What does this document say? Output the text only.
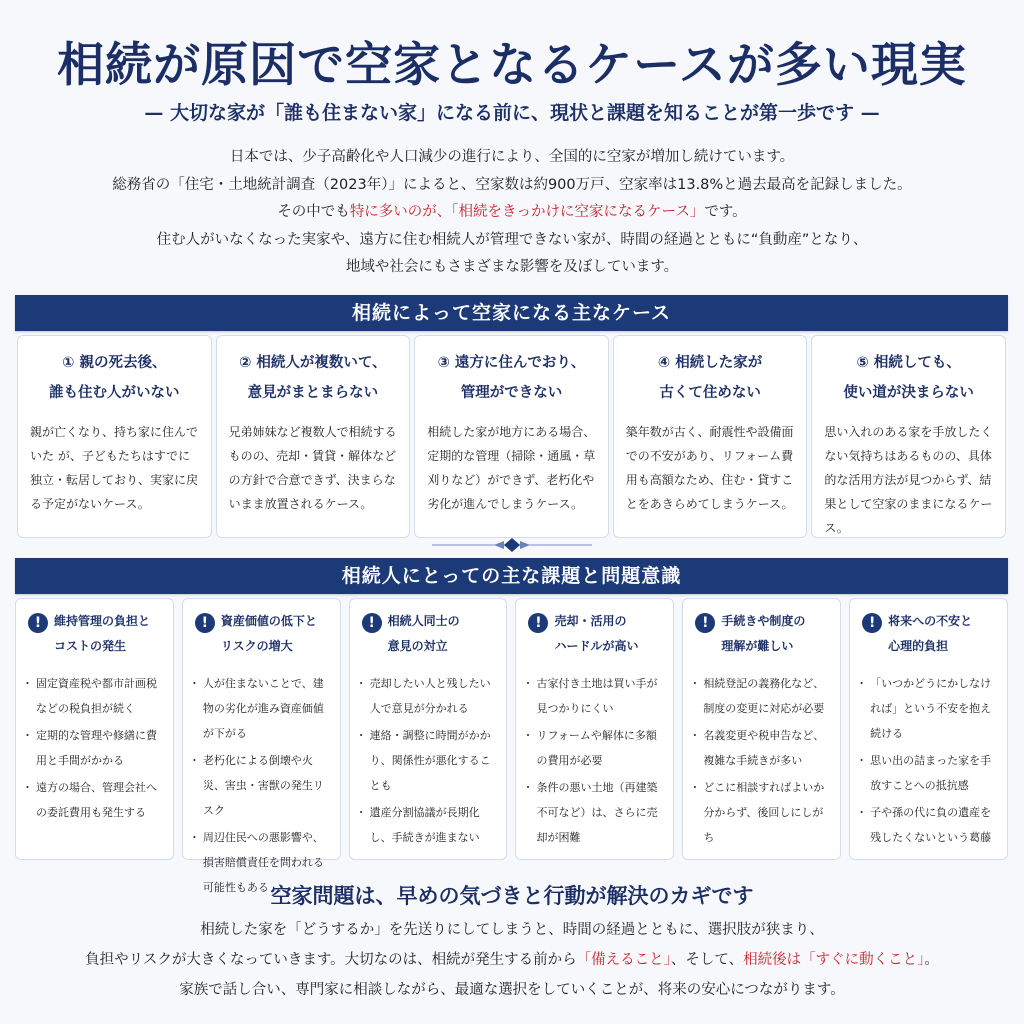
相続が原因で空家となるケースが多い現実
— 大切な家が「誰も住まない家」になる前に、現状と課題を知ることが第一歩です —

日本では、少子高齢化や人口減少の進行により、全国的に空家が増加し続けています。

総務省の「住宅・土地統計調査（2023年）」によると、空家数は約900万戸、空家率は13.8%と過去最高を記録しました。

その中でも特に多いのが、「相続をきっかけに空家になるケース」です。

住む人がいなくなった実家や、遠方に住む相続人が管理できない家が、時間の経過とともに“負動産”となり、

地域や社会にもさまざまな影響を及ぼしています。

相続によって空家になる主なケース
① 親の死去後、
誰も住む人がいない
親が亡くなり、持ち家に住んでいた が、子どもたちはすでに独立・転居しており、実家に戻る予定がないケース。
② 相続人が複数いて、
意見がまとまらない
兄弟姉妹など複数人で相続するものの、売却・賃貸・解体などの方針で合意できず、決まらないまま放置されるケース。
③ 遠方に住んでおり、
管理ができない
相続した家が地方にある場合、定期的な管理（掃除・通風・草刈りなど）ができず、老朽化や劣化が進んでしまうケース。
④ 相続した家が
古くて住めない
築年数が古く、耐震性や設備面での不安があり、リフォーム費用も高額なため、住む・貸すことをあきらめてしまうケース。
⑤ 相続しても、
使い道が決まらない
思い入れのある家を手放したくない気持ちはあるものの、具体的な活用方法が見つからず、結果として空家のままになるケース。
相続人にとっての主な課題と問題意識
!	維持管理の負担と
コストの発生
・ 固定資産税や都市計画税などの税負担が続く
・ 定期的な管理や修繕に費用と手間がかかる
・ 遠方の場合、管理会社への委託費用も発生する
!	資産価値の低下と
リスクの増大
・ 人が住まないことで、建物の劣化が進み資産価値が下がる
・ 老朽化による倒壊や火災、害虫・害獣の発生リスク
・ 周辺住民への悪影響や、損害賠償責任を問われる可能性もある
!	相続人同士の
意見の対立
・ 売却したい人と残したい人で意見が分かれる
・ 連絡・調整に時間がかかり、関係性が悪化することも
・ 遺産分割協議が長期化し、手続きが進まない
!	売却・活用の
ハードルが高い
・ 古家付き土地は買い手が見つかりにくい
・ リフォームや解体に多額の費用が必要
・ 条件の悪い土地（再建築不可など）は、さらに売却が困難
!	手続きや制度の
理解が難しい
・ 相続登記の義務化など、制度の変更に対応が必要
・ 名義変更や税申告など、複雑な手続きが多い
・ どこに相談すればよいか分からず、後回しにしがち
!	将来への不安と
心理的負担
・ 「いつかどうにかしなければ」という不安を抱え続ける
・ 思い出の詰まった家を手放すことへの抵抗感
・ 子や孫の代に負の遺産を残したくないという葛藤
空家問題は、早めの気づきと行動が解決のカギです

相続した家を「どうするか」を先送りにしてしまうと、時間の経過とともに、選択肢が狭まり、

負担やリスクが大きくなっていきます。大切なのは、相続が発生する前から「備えること」、そして、相続後は「すぐに動くこと」。

家族で話し合い、専門家に相談しながら、最適な選択をしていくことが、将来の安心につながります。
